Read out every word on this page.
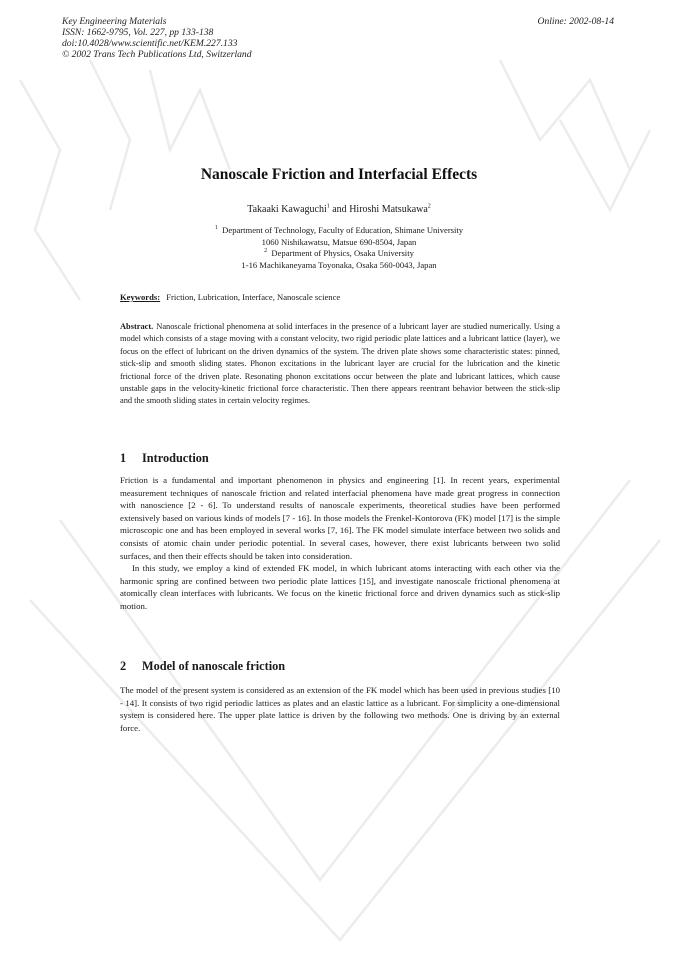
Key Engineering Materials
ISSN: 1662-9795, Vol. 227, pp 133-138
doi:10.4028/www.scientific.net/KEM.227.133
© 2002 Trans Tech Publications Ltd, Switzerland
Online: 2002-08-14
Nanoscale Friction and Interfacial Effects
Takaaki Kawaguchi$^1$ and Hiroshi Matsukawa$^2$
$^1$ Department of Technology, Faculty of Education, Shimane University
1060 Nishikawatsu, Matsue 690-8504, Japan
$^2$ Department of Physics, Osaka University
1-16 Machikaneyama Toyonaka, Osaka 560-0043, Japan
Keywords: Friction, Lubrication, Interface, Nanoscale science

Abstract. Nanoscale frictional phenomena at solid interfaces in the presence of a lubricant layer are studied numerically. Using a model which consists of a stage moving with a constant velocity, two rigid periodic plate lattices and a lubricant lattice (layer), we focus on the effect of lubricant on the driven dynamics of the system. The driven plate shows some characteristic states: pinned, stick-slip and smooth sliding states. Phonon excitations in the lubricant layer are crucial for the lubrication and the kinetic frictional force of the driven plate. Resonating phonon excitations occur between the plate and lubricant lattices, which cause unstable gaps in the velocity-kinetic frictional force characteristic. Then there appears reentrant behavior between the stick-slip and the smooth sliding states in certain velocity regimes.

1 Introduction

Friction is a fundamental and important phenomenon in physics and engineering [1]. In recent years, experimental measurement techniques of nanoscale friction and related interfacial phenomena have made great progress in connection with nanoscience [2 - 6]. To understand results of nanoscale experiments, theoretical studies have been performed extensively based on various kinds of models [7 - 16]. In those models the Frenkel-Kontorova (FK) model [17] is the simple microscopic one and has been employed in several works [7, 16]. The FK model simulate interface between two solids and consists of atomic chain under periodic potential. In several cases, however, there exist lubricants between two solid surfaces, and then their effects should be taken into consideration.

In this study, we employ a kind of extended FK model, in which lubricant atoms interacting with each other via the harmonic spring are confined between two periodic plate lattices [15], and investigate nanoscale frictional phenomena at atomically clean interfaces with lubricants. We focus on the kinetic frictional force and driven dynamics such as stick-slip motion.

2 Model of nanoscale friction

The model of the present system is considered as an extension of the FK model which has been used in previous studies [10 - 14]. It consists of two rigid periodic lattices as plates and an elastic lattice as a lubricant. For simplicity a one-dimensional system is considered here. The upper plate lattice is driven by the following two methods. One is driving by an external force.
